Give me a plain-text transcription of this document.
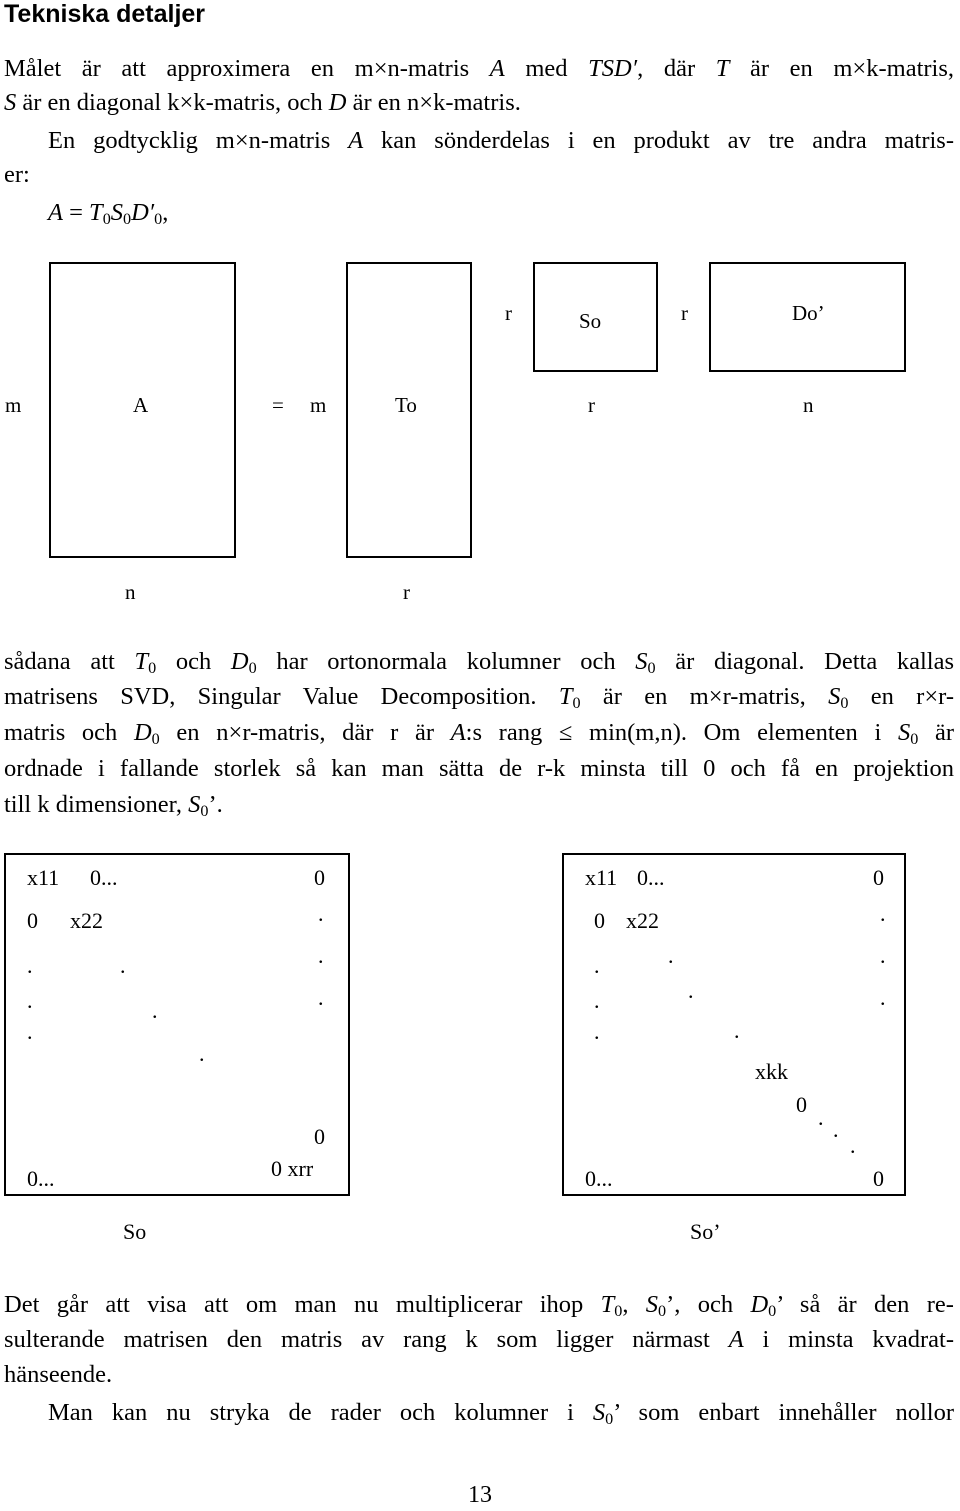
Tekniska detaljer
Målet är att approximera en m×n-matris A med TSD′, där T är en m×k-matris,
S är en diagonal k×k-matris, och D är en n×k-matris.
En godtycklig m×n-matris A kan sönderdelas i en produkt av tre andra matris-
er:
$A = T_0S_0D'_0$,
r	So	r	Do’
m	A	= m	To	r	n
n	r
sådana att $T_0$ och $D_0$ har ortonormala kolumner och $S_0$ är diagonal. Detta kallas
matrisens SVD, Singular Value Decomposition. $T_0$ är en m×r-matris, $S_0$ en r×r-
matris och $D_0$ en n×r-matris, där r är A:s rang ≤ min(m,n). Om elementen i $S_0$ är
ordnade i fallande storlek så kan man sätta de r-k minsta till 0 och få en projektion
till k dimensioner, $S_0$’.
x11 0...	0
0 x22	.
.	.	.
.	.
.
.
.
0
0...	0 xrr
So
x11 0...	0
0 x22	.
.	.	.
.	.	.
.	.
xkk
0
. .
.
0...	0
So’
Det går att visa att om man nu multiplicerar ihop $T_0$, $S_0$’, och $D_0$’ så är den re-
sulterande matrisen den matris av rang k som ligger närmast A i minsta kvadrat-
hänseende.
Man kan nu stryka de rader och kolumner i $S_0$’ som enbart innehåller nollor
13
